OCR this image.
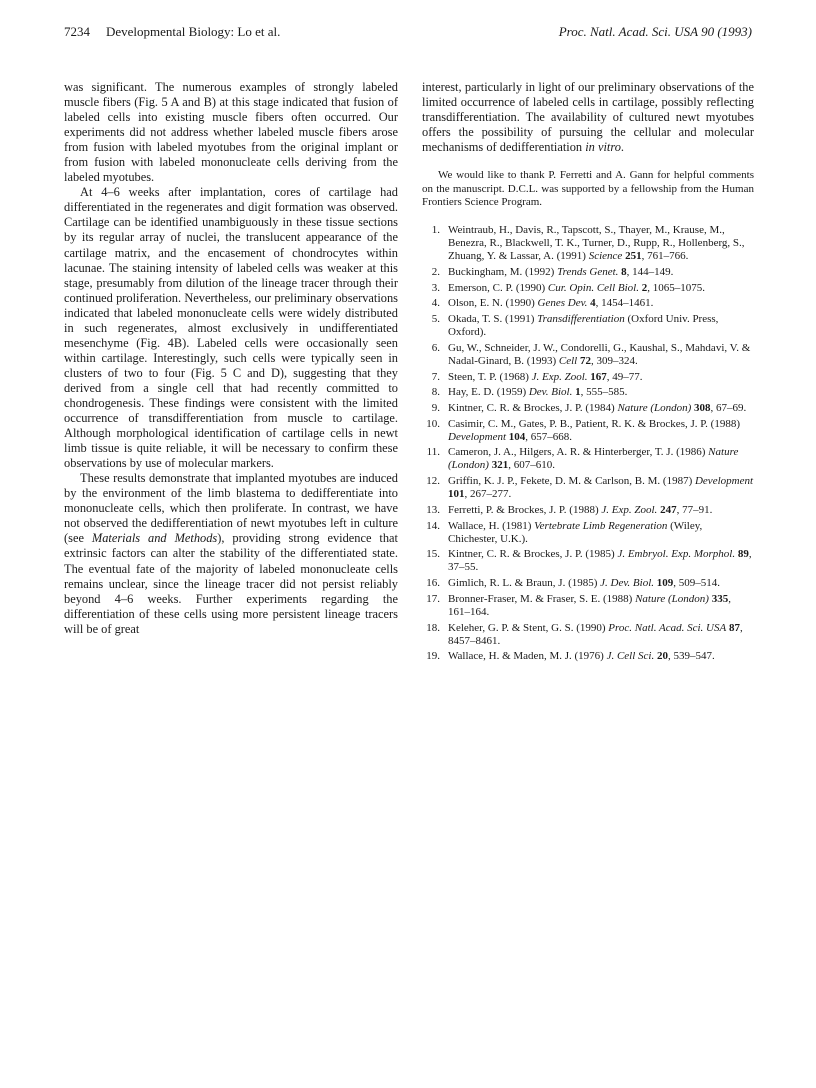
7234 Developmental Biology: Lo et al.	Proc. Natl. Acad. Sci. USA 90 (1993)

was significant. The numerous examples of strongly labeled muscle fibers (Fig. 5 A and B) at this stage indicated that fusion of labeled cells into existing muscle fibers often occurred. Our experiments did not address whether labeled muscle fibers arose from fusion with labeled myotubes from the original implant or from fusion with labeled mononucleate cells deriving from the labeled myotubes.

At 4–6 weeks after implantation, cores of cartilage had differentiated in the regenerates and digit formation was observed. Cartilage can be identified unambiguously in these tissue sections by its regular array of nuclei, the translucent appearance of the cartilage matrix, and the encasement of chondrocytes within lacunae. The staining intensity of labeled cells was weaker at this stage, presumably from dilution of the lineage tracer through their continued proliferation. Nevertheless, our preliminary observations indicated that labeled mononucleate cells were widely distributed in such regenerates, almost exclusively in undifferentiated mesenchyme (Fig. 4B). Labeled cells were occasionally seen within cartilage. Interestingly, such cells were typically seen in clusters of two to four (Fig. 5 C and D), suggesting that they derived from a single cell that had recently committed to chondrogenesis. These findings were consistent with the limited occurrence of transdifferentiation from muscle to cartilage. Although morphological identification of cartilage cells in newt limb tissue is quite reliable, it will be necessary to confirm these observations by use of molecular markers.

These results demonstrate that implanted myotubes are induced by the environment of the limb blastema to dedifferentiate into mononucleate cells, which then proliferate. In contrast, we have not observed the dedifferentiation of newt myotubes left in culture (see Materials and Methods), providing strong evidence that extrinsic factors can alter the stability of the differentiated state. The eventual fate of the majority of labeled mononucleate cells remains unclear, since the lineage tracer did not persist reliably beyond 4–6 weeks. Further experiments regarding the differentiation of these cells using more persistent lineage tracers will be of great

interest, particularly in light of our preliminary observations of the limited occurrence of labeled cells in cartilage, possibly reflecting transdifferentiation. The availability of cultured newt myotubes offers the possibility of pursuing the cellular and molecular mechanisms of dedifferentiation in vitro.

We would like to thank P. Ferretti and A. Gann for helpful comments on the manuscript. D.C.L. was supported by a fellowship from the Human Frontiers Science Program.

1. Weintraub, H., Davis, R., Tapscott, S., Thayer, M., Krause, M., Benezra, R., Blackwell, T. K., Turner, D., Rupp, R., Hollenberg, S., Zhuang, Y. & Lassar, A. (1991) Science 251, 761–766.
2. Buckingham, M. (1992) Trends Genet. 8, 144–149.
3. Emerson, C. P. (1990) Cur. Opin. Cell Biol. 2, 1065–1075.
4. Olson, E. N. (1990) Genes Dev. 4, 1454–1461.
5. Okada, T. S. (1991) Transdifferentiation (Oxford Univ. Press, Oxford).
6. Gu, W., Schneider, J. W., Condorelli, G., Kaushal, S., Mahdavi, V. & Nadal-Ginard, B. (1993) Cell 72, 309–324.
7. Steen, T. P. (1968) J. Exp. Zool. 167, 49–77.
8. Hay, E. D. (1959) Dev. Biol. 1, 555–585.
9. Kintner, C. R. & Brockes, J. P. (1984) Nature (London) 308, 67–69.
10. Casimir, C. M., Gates, P. B., Patient, R. K. & Brockes, J. P. (1988) Development 104, 657–668.
11. Cameron, J. A., Hilgers, A. R. & Hinterberger, T. J. (1986) Nature (London) 321, 607–610.
12. Griffin, K. J. P., Fekete, D. M. & Carlson, B. M. (1987) Development 101, 267–277.
13. Ferretti, P. & Brockes, J. P. (1988) J. Exp. Zool. 247, 77–91.
14. Wallace, H. (1981) Vertebrate Limb Regeneration (Wiley, Chichester, U.K.).
15. Kintner, C. R. & Brockes, J. P. (1985) J. Embryol. Exp. Morphol. 89, 37–55.
16. Gimlich, R. L. & Braun, J. (1985) J. Dev. Biol. 109, 509–514.
17. Bronner-Fraser, M. & Fraser, S. E. (1988) Nature (London) 335, 161–164.
18. Keleher, G. P. & Stent, G. S. (1990) Proc. Natl. Acad. Sci. USA 87, 8457–8461.
19. Wallace, H. & Maden, M. J. (1976) J. Cell Sci. 20, 539–547.
